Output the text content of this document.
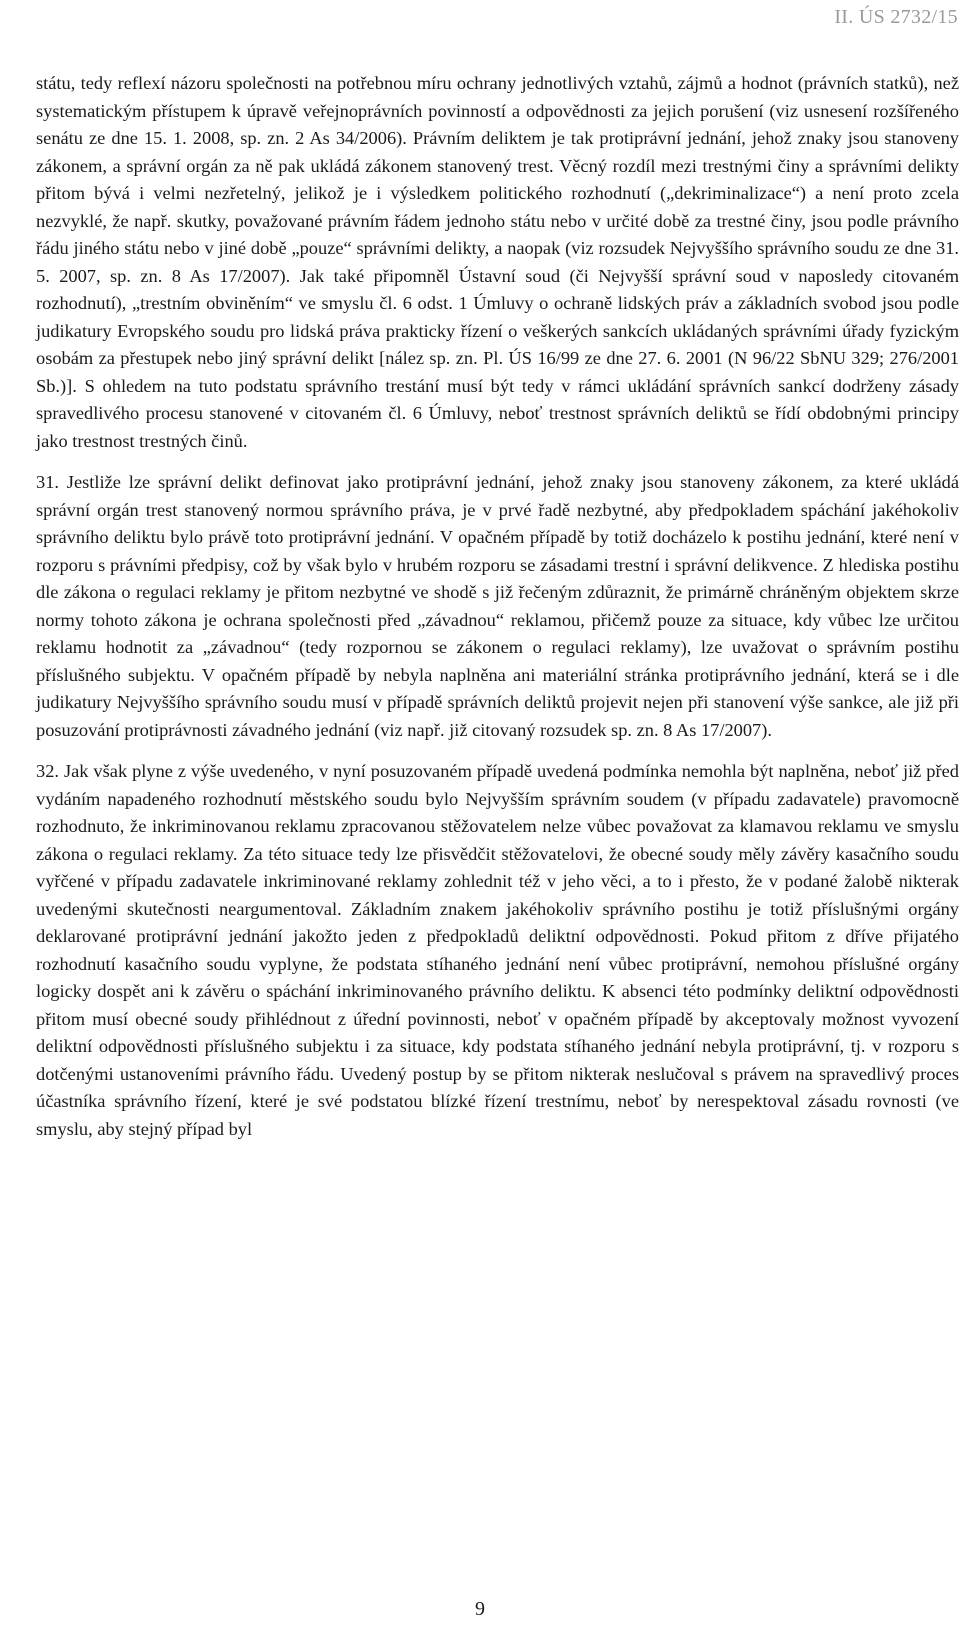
II. ÚS 2732/15

státu, tedy reflexí názoru společnosti na potřebnou míru ochrany jednotlivých vztahů, zájmů a hodnot (právních statků), než systematickým přístupem k úpravě veřejnoprávních povinností a odpovědnosti za jejich porušení (viz usnesení rozšířeného senátu ze dne 15. 1. 2008, sp. zn. 2 As 34/2006). Právním deliktem je tak protiprávní jednání, jehož znaky jsou stanoveny zákonem, a správní orgán za ně pak ukládá zákonem stanovený trest. Věcný rozdíl mezi trestnými činy a správními delikty přitom bývá i velmi nezřetelný, jelikož je i výsledkem politického rozhodnutí („dekriminalizace“) a není proto zcela nezvyklé, že např. skutky, považované právním řádem jednoho státu nebo v určité době za trestné činy, jsou podle právního řádu jiného státu nebo v jiné době „pouze“ správními delikty, a naopak (viz rozsudek Nejvyššího správního soudu ze dne 31. 5. 2007, sp. zn. 8 As 17/2007). Jak také připomněl Ústavní soud (či Nejvyšší správní soud v naposledy citovaném rozhodnutí), „trestním obviněním“ ve smyslu čl. 6 odst. 1 Úmluvy o ochraně lidských práv a základních svobod jsou podle judikatury Evropského soudu pro lidská práva prakticky řízení o veškerých sankcích ukládaných správními úřady fyzickým osobám za přestupek nebo jiný správní delikt [nález sp. zn. Pl. ÚS 16/99 ze dne 27. 6. 2001 (N 96/22 SbNU 329; 276/2001 Sb.)]. S ohledem na tuto podstatu správního trestání musí být tedy v rámci ukládání správních sankcí dodrženy zásady spravedlivého procesu stanovené v citovaném čl. 6 Úmluvy, neboť trestnost správních deliktů se řídí obdobnými principy jako trestnost trestných činů.

31. Jestliže lze správní delikt definovat jako protiprávní jednání, jehož znaky jsou stanoveny zákonem, za které ukládá správní orgán trest stanovený normou správního práva, je v prvé řadě nezbytné, aby předpokladem spáchání jakéhokoliv správního deliktu bylo právě toto protiprávní jednání. V opačném případě by totiž docházelo k postihu jednání, které není v rozporu s právními předpisy, což by však bylo v hrubém rozporu se zásadami trestní i správní delikvence. Z hlediska postihu dle zákona o regulaci reklamy je přitom nezbytné ve shodě s již řečeným zdůraznit, že primárně chráněným objektem skrze normy tohoto zákona je ochrana společnosti před „závadnou“ reklamou, přičemž pouze za situace, kdy vůbec lze určitou reklamu hodnotit za „závadnou“ (tedy rozpornou se zákonem o regulaci reklamy), lze uvažovat o správním postihu příslušného subjektu. V opačném případě by nebyla naplněna ani materiální stránka protiprávního jednání, která se i dle judikatury Nejvyššího správního soudu musí v případě správních deliktů projevit nejen při stanovení výše sankce, ale již při posuzování protiprávnosti závadného jednání (viz např. již citovaný rozsudek sp. zn. 8 As 17/2007).

32. Jak však plyne z výše uvedeného, v nyní posuzovaném případě uvedená podmínka nemohla být naplněna, neboť již před vydáním napadeného rozhodnutí městského soudu bylo Nejvyšším správním soudem (v případu zadavatele) pravomocně rozhodnuto, že inkriminovanou reklamu zpracovanou stěžovatelem nelze vůbec považovat za klamavou reklamu ve smyslu zákona o regulaci reklamy. Za této situace tedy lze přisvědčit stěžovatelovi, že obecné soudy měly závěry kasačního soudu vyřčené v případu zadavatele inkriminované reklamy zohlednit též v jeho věci, a to i přesto, že v podané žalobě nikterak uvedenými skutečnosti neargumentoval. Základním znakem jakéhokoliv správního postihu je totiž příslušnými orgány deklarované protiprávní jednání jakožto jeden z předpokladů deliktní odpovědnosti. Pokud přitom z dříve přijatého rozhodnutí kasačního soudu vyplyne, že podstata stíhaného jednání není vůbec protiprávní, nemohou příslušné orgány logicky dospět ani k závěru o spáchání inkriminovaného právního deliktu. K absenci této podmínky deliktní odpovědnosti přitom musí obecné soudy přihlédnout z úřední povinnosti, neboť v opačném případě by akceptovaly možnost vyvození deliktní odpovědnosti příslušného subjektu i za situace, kdy podstata stíhaného jednání nebyla protiprávní, tj. v rozporu s dotčenými ustanoveními právního řádu. Uvedený postup by se přitom nikterak neslučoval s právem na spravedlivý proces účastníka správního řízení, které je své podstatou blízké řízení trestnímu, neboť by nerespektoval zásadu rovnosti (ve smyslu, aby stejný případ byl

9
